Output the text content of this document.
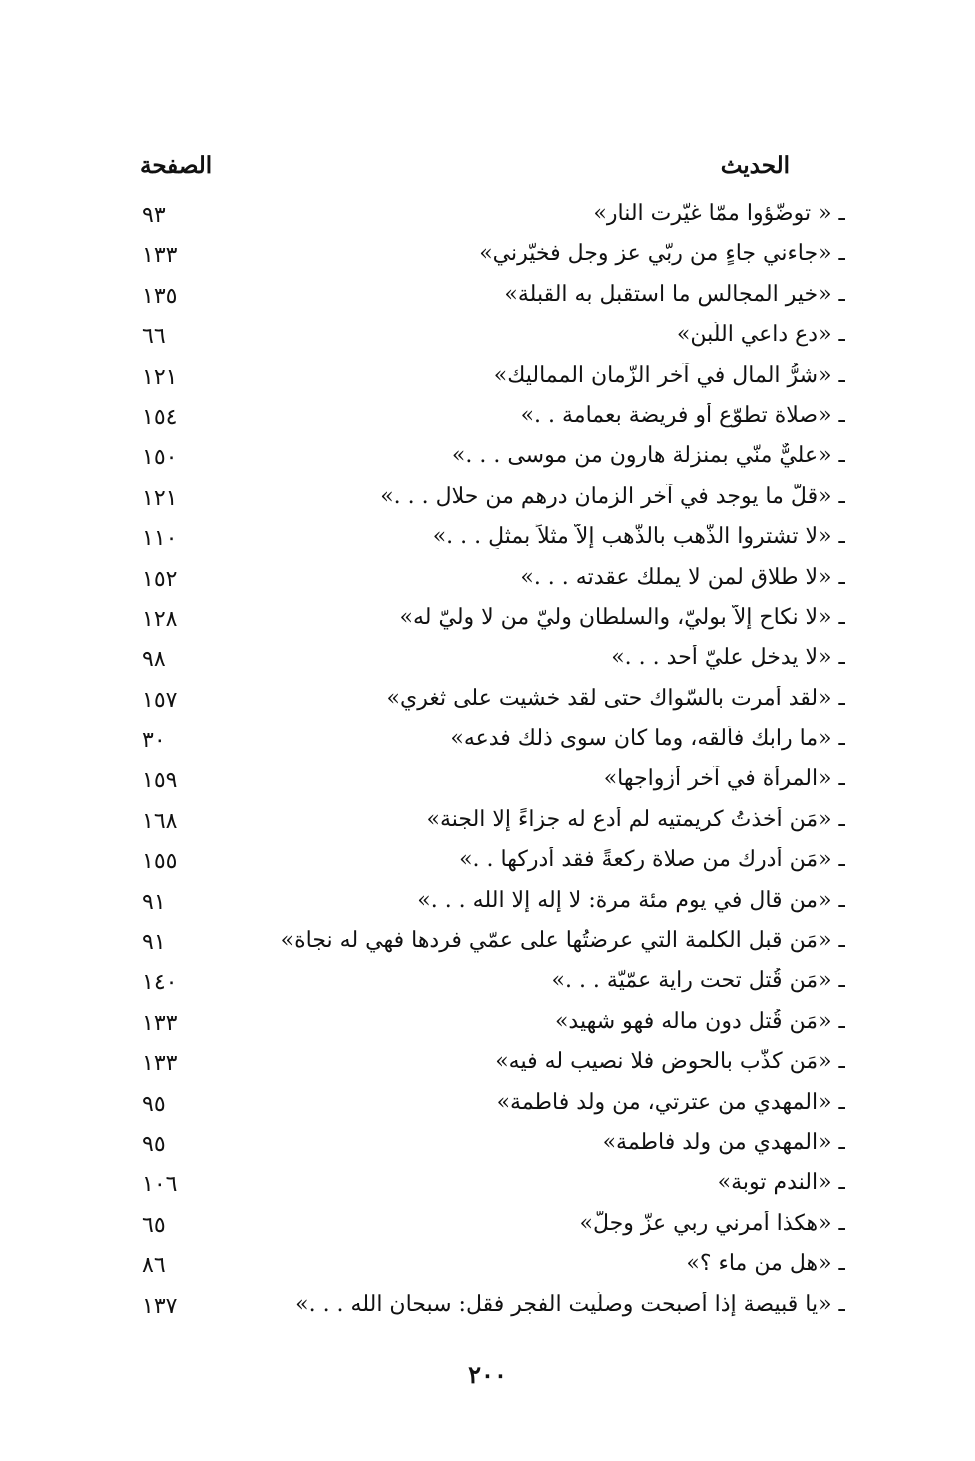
الحديث
الصفحة
ـ « توضّؤوا ممّا غيّرت النار»
٩٣
ـ «جاءني جاءٍ من ربّي عز وجل فخيّرني»
١٣٣
ـ «خير المجالس ما استقبل به القبلة»
١٣٥
ـ «دع داعي اللّبن»
٦٦
ـ «شرُّ المال في آخر الزّمان المماليك»
١٢١
ـ «صلاة تطوّع أو فريضة بعمامة . .»
١٥٤
ـ «عليٌّ منّي بمنزلة هارون من موسى . . .»
١٥٠
ـ «قلّ ما يوجد في آخر الزمان درهم من حلال . . .»
١٢١
ـ «لا تشتروا الذّهب بالذّهب إلاّ مثلاً بمثلٍ . . .»
١١٠
ـ «لا طلاق لمن لا يملك عقدته . . .»
١٥٢
ـ «لا نكاح إلاّ بوليّ، والسلطان وليّ من لا وليّ له»
١٢٨
ـ «لا يدخل عليّ أحد . . .»
٩٨
ـ «لقد أُمرت بالسّواك حتى لقد خشيت على ثغري»
١٥٧
ـ «ما رابك فألقه، وما كان سوى ذلك فدعه»
٣٠
ـ «المرأة في آخر أزواجها»
١٥٩
ـ «مَن أخذتُ كريمتيه لم أدع له جزاءً إلا الجنة»
١٦٨
ـ «مَن أدرك من صلاة ركعةً فقد أدركها . .»
١٥٥
ـ «من قال في يوم مئة مرة: لا إله إلا الله . . .»
٩١
ـ «مَن قبل الكلمة التي عرضتُها على عمّي فردها فهي له نجاة»
٩١
ـ «مَن قُتل تحت راية عمّيّة . . .»
١٤٠
ـ «مَن قُتل دون ماله فهو شهيد»
١٣٣
ـ «مَن كذّب بالحوض فلا نصيب له فيه»
١٣٣
ـ «المهدي من عترتي، من ولد فاطمة»
٩٥
ـ «المهدي من ولد فاطمة»
٩٥
ـ «الندم توبة»
١٠٦
ـ «هكذا أمرني ربي عزّ وجلّ»
٦٥
ـ «هل من ماء ؟»
٨٦
ـ «يا قبيصة إذا أصبحت وصلّيت الفجر فقل: سبحان الله . . .»
١٣٧
٢٠٠
